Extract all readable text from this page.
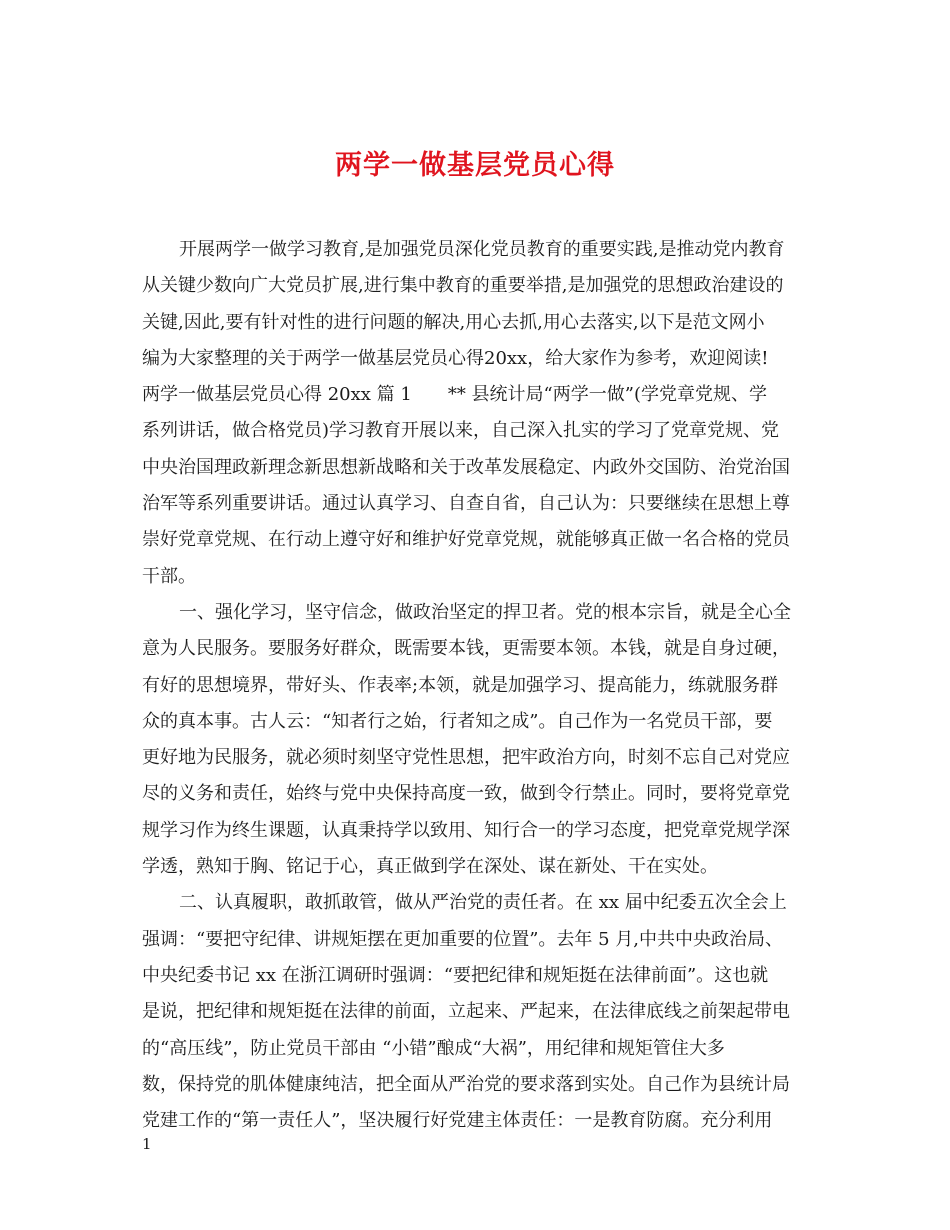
两学一做基层党员心得
开展两学一做学习教育,是加强党员深化党员教育的重要实践,是推动党内教育
从关键少数向广大党员扩展,进行集中教育的重要举措,是加强党的思想政治建设的
关键,因此,要有针对性的进行问题的解决,用心去抓,用心去落实,以下是范文网小
编为大家整理的关于两学一做基层党员心得20xx，给大家作为参考，欢迎阅读!
两学一做基层党员心得 20xx 篇 1　　** 县统计局“两学一做”(学党章党规、学
系列讲话，做合格党员)学习教育开展以来，自己深入扎实的学习了党章党规、党
中央治国理政新理念新思想新战略和关于改革发展稳定、内政外交国防、治党治国
治军等系列重要讲话。通过认真学习、自查自省，自己认为：只要继续在思想上尊
崇好党章党规、在行动上遵守好和维护好党章党规，就能够真正做一名合格的党员
干部。
一、强化学习，坚守信念，做政治坚定的捍卫者。党的根本宗旨，就是全心全
意为人民服务。要服务好群众，既需要本钱，更需要本领。本钱，就是自身过硬，
有好的思想境界，带好头、作表率;本领，就是加强学习、提高能力，练就服务群
众的真本事。古人云：“知者行之始，行者知之成”。自己作为一名党员干部，要
更好地为民服务，就必须时刻坚守党性思想，把牢政治方向，时刻不忘自己对党应
尽的义务和责任，始终与党中央保持高度一致，做到令行禁止。同时，要将党章党
规学习作为终生课题，认真秉持学以致用、知行合一的学习态度，把党章党规学深
学透，熟知于胸、铭记于心，真正做到学在深处、谋在新处、干在实处。
二、认真履职，敢抓敢管，做从严治党的责任者。在 xx 届中纪委五次全会上
强调：“要把守纪律、讲规矩摆在更加重要的位置”。去年 5 月,中共中央政治局、
中央纪委书记 xx 在浙江调研时强调：“要把纪律和规矩挺在法律前面”。这也就
是说，把纪律和规矩挺在法律的前面，立起来、严起来，在法律底线之前架起带电
的“高压线”，防止党员干部由 “小错”酿成“大祸”，用纪律和规矩管住大多
数，保持党的肌体健康纯洁，把全面从严治党的要求落到实处。自己作为县统计局
党建工作的“第一责任人”，坚决履行好党建主体责任：一是教育防腐。充分利用
1
